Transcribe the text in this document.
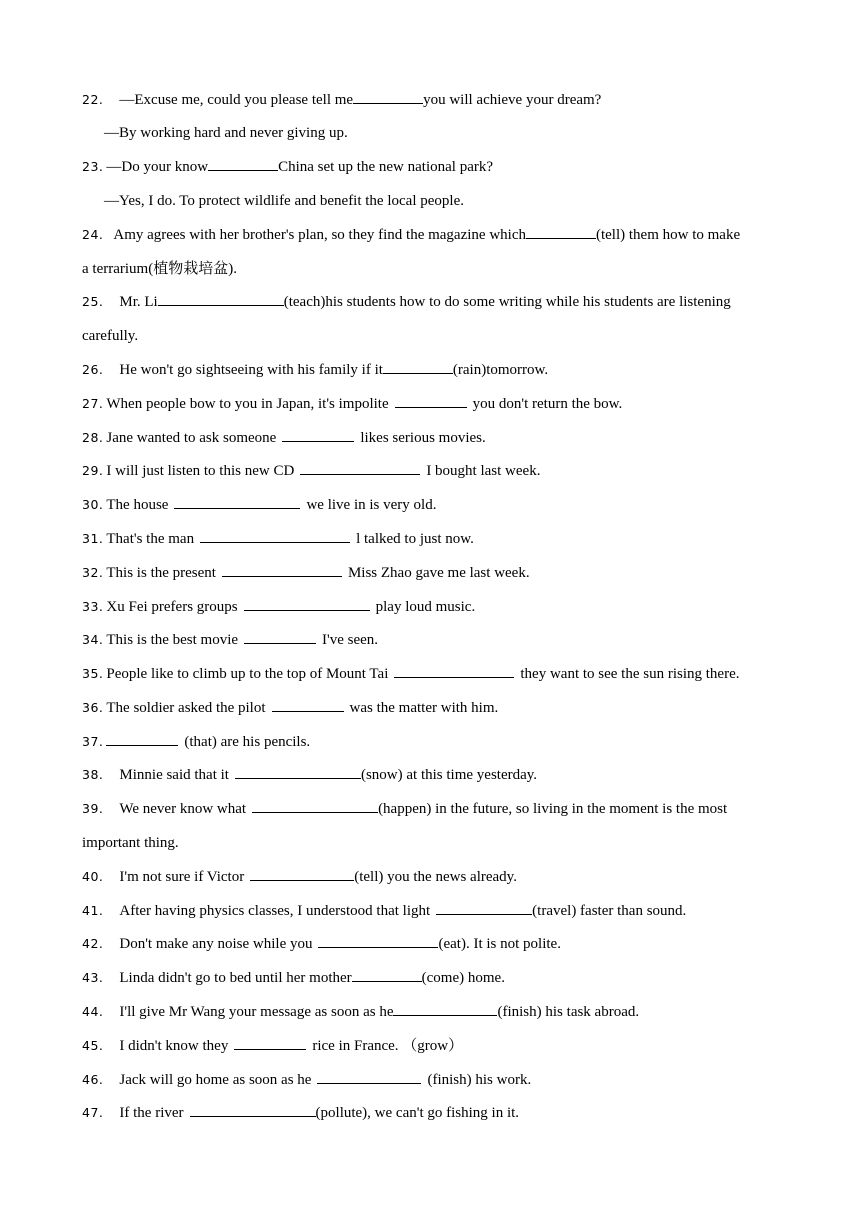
22. —Excuse me, could you please tell me	you will achieve your dream?
—By working hard and never giving up.
23. —Do your know	China set up the new national park?
—Yes, I do. To protect wildlife and benefit the local people.
24. Amy agrees with her brother's plan, so they find the magazine which	(tell) them how to make
a terrarium(植物栽培盆).
25. Mr. Li	(teach)his students how to do some writing while his students are listening
carefully.
26. He won't go sightseeing with his family if it	(rain)tomorrow.
27. When people bow to you in Japan, it's impolite	you don't return the bow.
28. Jane wanted to ask someone	likes serious movies.
29. I will just listen to this new CD	I bought last week.
30. The house	we live in is very old.
31. That's the man	l talked to just now.
32. This is the present	Miss Zhao gave me last week.
33. Xu Fei prefers groups	play loud music.
34. This is the best movie	I've seen.
35. People like to climb up to the top of Mount Tai	they want to see the sun rising there.
36. The soldier asked the pilot	was the matter with him.
37.	(that) are his pencils.
38. Minnie said that it	(snow) at this time yesterday.
39. We never know what	(happen) in the future, so living in the moment is the most
important thing.
40. I'm not sure if Victor	(tell) you the news already.
41. After having physics classes, I understood that light	(travel) faster than sound.
42. Don't make any noise while you	(eat). It is not polite.
43. Linda didn't go to bed until her mother	(come) home.
44. I'll give Mr Wang your message as soon as he	(finish) his task abroad.
45. I didn't know they	rice in France. （grow）
46. Jack will go home as soon as he	(finish) his work.
47. If the river	(pollute), we can't go fishing in it.
